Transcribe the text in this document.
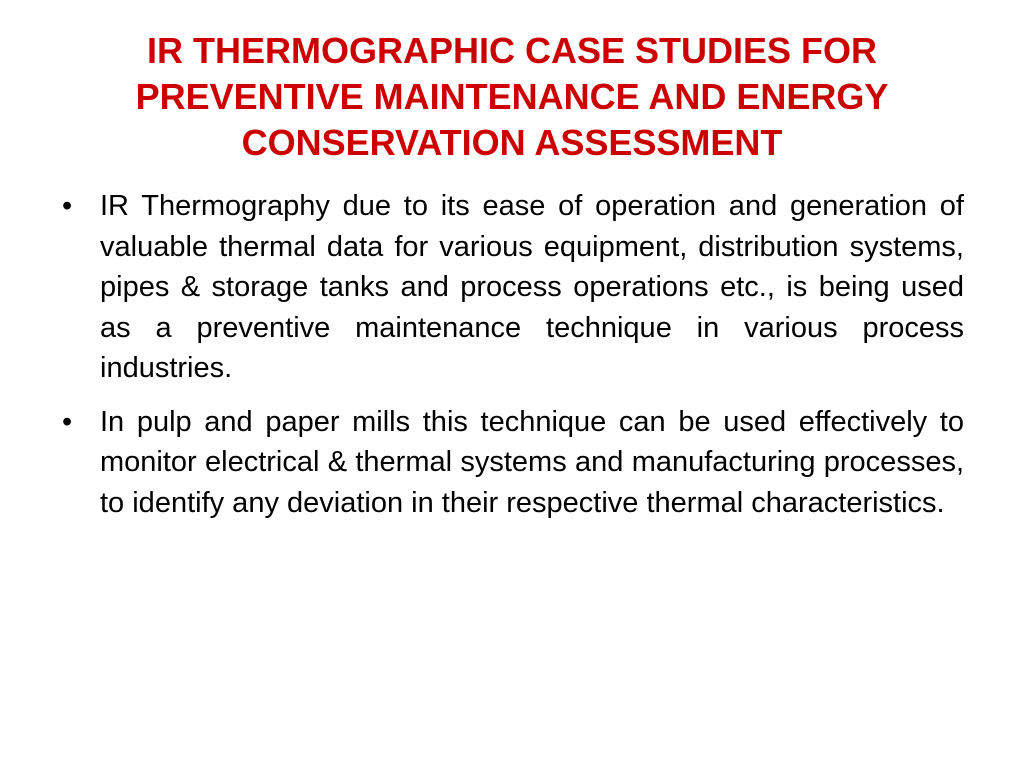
IR THERMOGRAPHIC CASE STUDIES FOR
PREVENTIVE MAINTENANCE AND ENERGY
CONSERVATION ASSESSMENT
• IR Thermography due to its ease of operation and generation of valuable thermal data for various equipment, distribution systems, pipes & storage tanks and process operations etc., is being used as a preventive maintenance technique in various process industries.
• In pulp and paper mills this technique can be used effectively to monitor electrical & thermal systems and manufacturing processes, to identify any deviation in their respective thermal characteristics.
